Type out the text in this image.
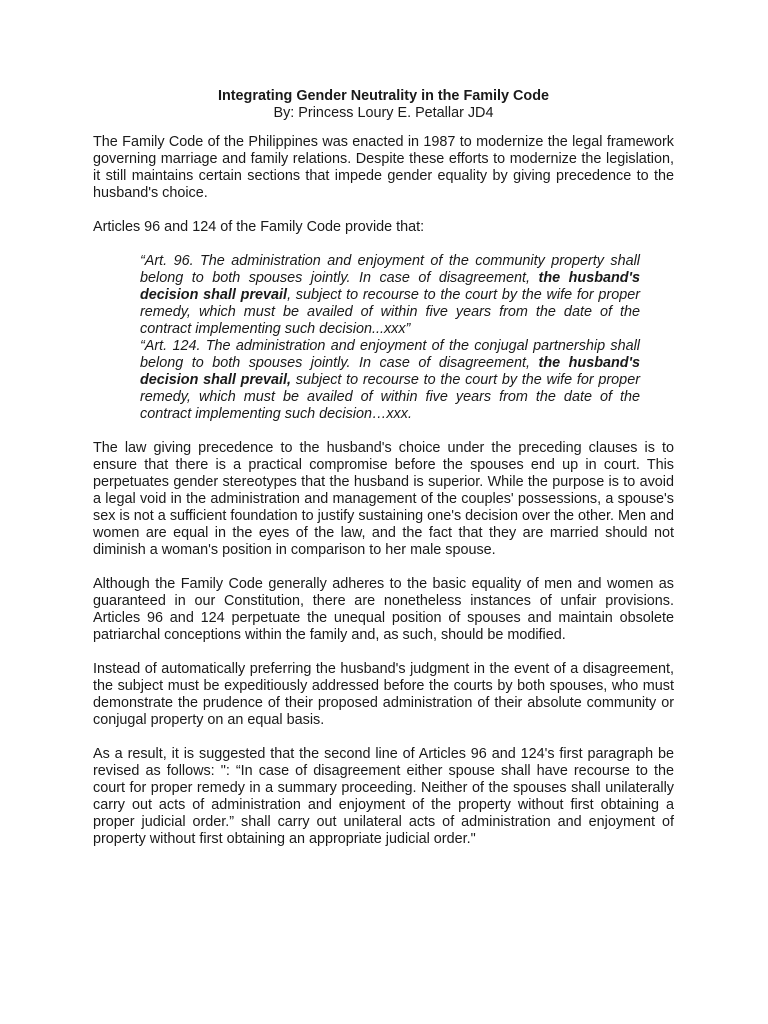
Integrating Gender Neutrality in the Family Code

By: Princess Loury E. Petallar JD4

The Family Code of the Philippines was enacted in 1987 to modernize the legal framework governing marriage and family relations. Despite these efforts to modernize the legislation, it still maintains certain sections that impede gender equality by giving precedence to the husband's choice.

Articles 96 and 124 of the Family Code provide that:

“Art. 96. The administration and enjoyment of the community property shall belong to both spouses jointly. In case of disagreement, the husband's decision shall prevail, subject to recourse to the court by the wife for proper remedy, which must be availed of within five years from the date of the contract implementing such decision...xxx”

“Art. 124. The administration and enjoyment of the conjugal partnership shall belong to both spouses jointly. In case of disagreement, the husband's decision shall prevail, subject to recourse to the court by the wife for proper remedy, which must be availed of within five years from the date of the contract implementing such decision…xxx.

The law giving precedence to the husband's choice under the preceding clauses is to ensure that there is a practical compromise before the spouses end up in court. This perpetuates gender stereotypes that the husband is superior. While the purpose is to avoid a legal void in the administration and management of the couples' possessions, a spouse's sex is not a sufficient foundation to justify sustaining one's decision over the other. Men and women are equal in the eyes of the law, and the fact that they are married should not diminish a woman's position in comparison to her male spouse.

Although the Family Code generally adheres to the basic equality of men and women as guaranteed in our Constitution, there are nonetheless instances of unfair provisions. Articles 96 and 124 perpetuate the unequal position of spouses and maintain obsolete patriarchal conceptions within the family and, as such, should be modified.

Instead of automatically preferring the husband's judgment in the event of a disagreement, the subject must be expeditiously addressed before the courts by both spouses, who must demonstrate the prudence of their proposed administration of their absolute community or conjugal property on an equal basis.

As a result, it is suggested that the second line of Articles 96 and 124's first paragraph be revised as follows: ": “In case of disagreement either spouse shall have recourse to the court for proper remedy in a summary proceeding. Neither of the spouses shall unilaterally carry out acts of administration and enjoyment of the property without first obtaining a proper judicial order.” shall carry out unilateral acts of administration and enjoyment of property without first obtaining an appropriate judicial order."
